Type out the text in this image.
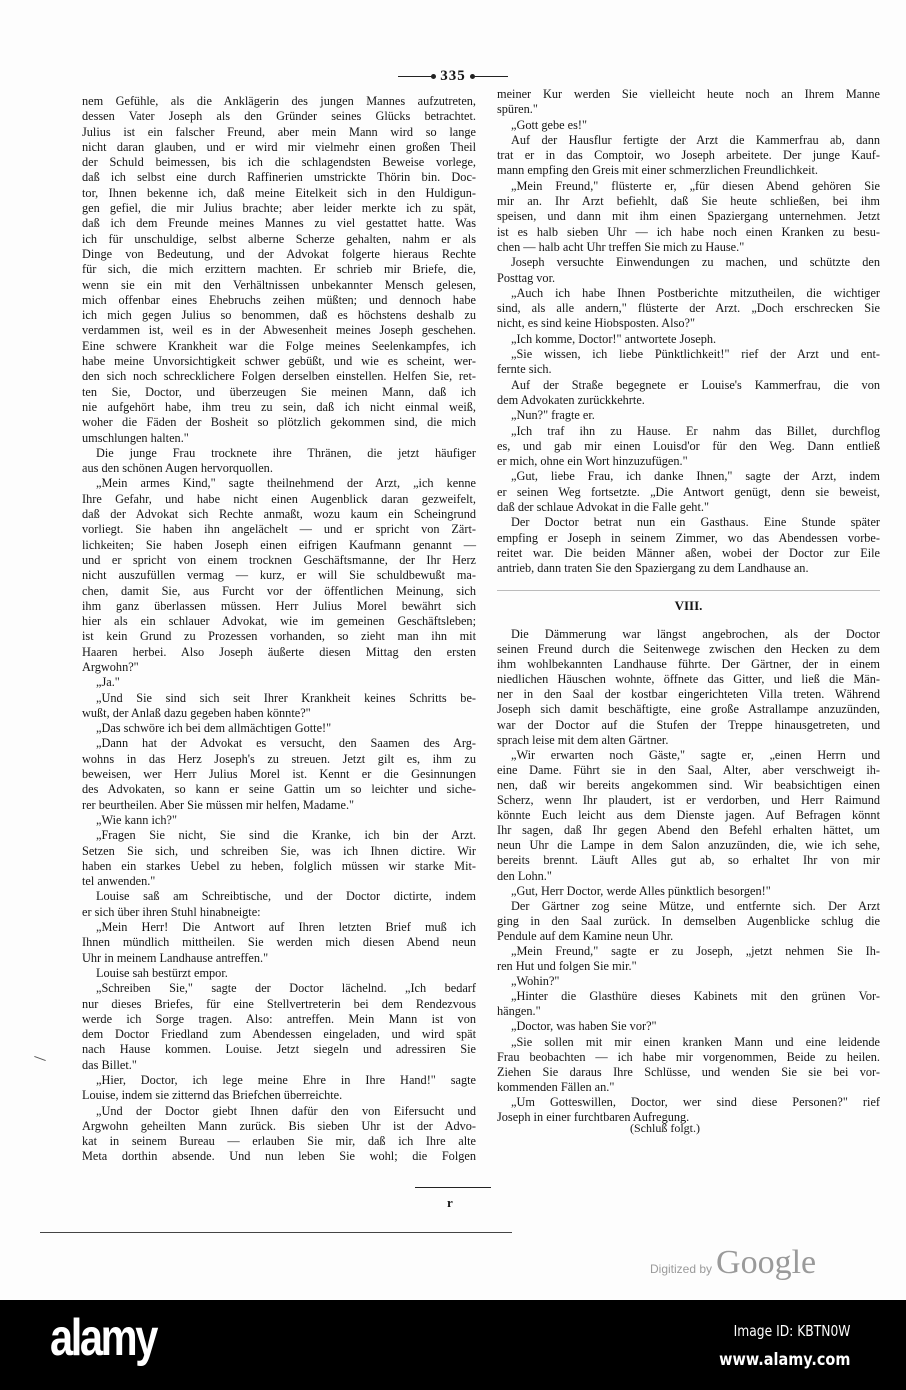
335
nem Gefühle, als die Anklägerin des jungen Mannes aufzutreten,
dessen Vater Joseph als den Gründer seines Glücks betrachtet.
Julius ist ein falscher Freund, aber mein Mann wird so lange
nicht daran glauben, und er wird mir vielmehr einen großen Theil
der Schuld beimessen, bis ich die schlagendsten Beweise vorlege,
daß ich selbst eine durch Raffinerien umstrickte Thörin bin. Doc-
tor, Ihnen bekenne ich, daß meine Eitelkeit sich in den Huldigun-
gen gefiel, die mir Julius brachte; aber leider merkte ich zu spät,
daß ich dem Freunde meines Mannes zu viel gestattet hatte. Was
ich für unschuldige, selbst alberne Scherze gehalten, nahm er als
Dinge von Bedeutung, und der Advokat folgerte hieraus Rechte
für sich, die mich erzittern machten. Er schrieb mir Briefe, die,
wenn sie ein mit den Verhältnissen unbekannter Mensch gelesen,
mich offenbar eines Ehebruchs zeihen müßten; und dennoch habe
ich mich gegen Julius so benommen, daß es höchstens deshalb zu
verdammen ist, weil es in der Abwesenheit meines Joseph geschehen.
Eine schwere Krankheit war die Folge meines Seelenkampfes, ich
habe meine Unvorsichtigkeit schwer gebüßt, und wie es scheint, wer-
den sich noch schrecklichere Folgen derselben einstellen. Helfen Sie, ret-
ten Sie, Doctor, und überzeugen Sie meinen Mann, daß ich
nie aufgehört habe, ihm treu zu sein, daß ich nicht einmal weiß,
woher die Fäden der Bosheit so plötzlich gekommen sind, die mich
umschlungen halten."
Die junge Frau trocknete ihre Thränen, die jetzt häufiger
aus den schönen Augen hervorquollen.
„Mein armes Kind," sagte theilnehmend der Arzt, „ich kenne
Ihre Gefahr, und habe nicht einen Augenblick daran gezweifelt,
daß der Advokat sich Rechte anmaßt, wozu kaum ein Scheingrund
vorliegt. Sie haben ihn angelächelt — und er spricht von Zärt-
lichkeiten; Sie haben Joseph einen eifrigen Kaufmann genannt —
und er spricht von einem trocknen Geschäftsmanne, der Ihr Herz
nicht auszufüllen vermag — kurz, er will Sie schuldbewußt ma-
chen, damit Sie, aus Furcht vor der öffentlichen Meinung, sich
ihm ganz überlassen müssen. Herr Julius Morel bewährt sich
hier als ein schlauer Advokat, wie im gemeinen Geschäftsleben;
ist kein Grund zu Prozessen vorhanden, so zieht man ihn mit
Haaren herbei. Also Joseph äußerte diesen Mittag den ersten
Argwohn?"
„Ja."
„Und Sie sind sich seit Ihrer Krankheit keines Schritts be-
wußt, der Anlaß dazu gegeben haben könnte?"
„Das schwöre ich bei dem allmächtigen Gotte!"
„Dann hat der Advokat es versucht, den Saamen des Arg-
wohns in das Herz Joseph's zu streuen. Jetzt gilt es, ihm zu
beweisen, wer Herr Julius Morel ist. Kennt er die Gesinnungen
des Advokaten, so kann er seine Gattin um so leichter und siche-
rer beurtheilen. Aber Sie müssen mir helfen, Madame."
„Wie kann ich?"
„Fragen Sie nicht, Sie sind die Kranke, ich bin der Arzt.
Setzen Sie sich, und schreiben Sie, was ich Ihnen dictire. Wir
haben ein starkes Uebel zu heben, folglich müssen wir starke Mit-
tel anwenden."
Louise saß am Schreibtische, und der Doctor dictirte, indem
er sich über ihren Stuhl hinabneigte:
„Mein Herr! Die Antwort auf Ihren letzten Brief muß ich
Ihnen mündlich mittheilen. Sie werden mich diesen Abend neun
Uhr in meinem Landhause antreffen."
Louise sah bestürzt empor.
„Schreiben Sie," sagte der Doctor lächelnd. „Ich bedarf
nur dieses Briefes, für eine Stellvertreterin bei dem Rendezvous
werde ich Sorge tragen. Also: antreffen. Mein Mann ist von
dem Doctor Friedland zum Abendessen eingeladen, und wird spät
nach Hause kommen. Louise. Jetzt siegeln und adressiren Sie
das Billet."
„Hier, Doctor, ich lege meine Ehre in Ihre Hand!" sagte
Louise, indem sie zitternd das Briefchen überreichte.
„Und der Doctor giebt Ihnen dafür den von Eifersucht und
Argwohn geheilten Mann zurück. Bis sieben Uhr ist der Advo-
kat in seinem Bureau — erlauben Sie mir, daß ich Ihre alte
Meta dorthin absende. Und nun leben Sie wohl; die Folgen
meiner Kur werden Sie vielleicht heute noch an Ihrem Manne
spüren."
„Gott gebe es!"
Auf der Hausflur fertigte der Arzt die Kammerfrau ab, dann
trat er in das Comptoir, wo Joseph arbeitete. Der junge Kauf-
mann empfing den Greis mit einer schmerzlichen Freundlichkeit.
„Mein Freund," flüsterte er, „für diesen Abend gehören Sie
mir an. Ihr Arzt befiehlt, daß Sie heute schließen, bei ihm
speisen, und dann mit ihm einen Spaziergang unternehmen. Jetzt
ist es halb sieben Uhr — ich habe noch einen Kranken zu besu-
chen — halb acht Uhr treffen Sie mich zu Hause."
Joseph versuchte Einwendungen zu machen, und schützte den
Posttag vor.
„Auch ich habe Ihnen Postberichte mitzutheilen, die wichtiger
sind, als alle andern," flüsterte der Arzt. „Doch erschrecken Sie
nicht, es sind keine Hiobsposten. Also?"
„Ich komme, Doctor!" antwortete Joseph.
„Sie wissen, ich liebe Pünktlichkeit!" rief der Arzt und ent-
fernte sich.
Auf der Straße begegnete er Louise's Kammerfrau, die von
dem Advokaten zurückkehrte.
„Nun?" fragte er.
„Ich traf ihn zu Hause. Er nahm das Billet, durchflog
es, und gab mir einen Louisd'or für den Weg. Dann entließ
er mich, ohne ein Wort hinzuzufügen."
„Gut, liebe Frau, ich danke Ihnen," sagte der Arzt, indem
er seinen Weg fortsetzte. „Die Antwort genügt, denn sie beweist,
daß der schlaue Advokat in die Falle geht."
Der Doctor betrat nun ein Gasthaus. Eine Stunde später
empfing er Joseph in seinem Zimmer, wo das Abendessen vorbe-
reitet war. Die beiden Männer aßen, wobei der Doctor zur Eile
antrieb, dann traten Sie den Spaziergang zu dem Landhause an.
VIII.
Die Dämmerung war längst angebrochen, als der Doctor
seinen Freund durch die Seitenwege zwischen den Hecken zu dem
ihm wohlbekannten Landhause führte. Der Gärtner, der in einem
niedlichen Häuschen wohnte, öffnete das Gitter, und ließ die Män-
ner in den Saal der kostbar eingerichteten Villa treten. Während
Joseph sich damit beschäftigte, eine große Astrallampe anzuzünden,
war der Doctor auf die Stufen der Treppe hinausgetreten, und
sprach leise mit dem alten Gärtner.
„Wir erwarten noch Gäste," sagte er, „einen Herrn und
eine Dame. Führt sie in den Saal, Alter, aber verschweigt ih-
nen, daß wir bereits angekommen sind. Wir beabsichtigen einen
Scherz, wenn Ihr plaudert, ist er verdorben, und Herr Raimund
könnte Euch leicht aus dem Dienste jagen. Auf Befragen könnt
Ihr sagen, daß Ihr gegen Abend den Befehl erhalten hättet, um
neun Uhr die Lampe in dem Salon anzuzünden, die, wie ich sehe,
bereits brennt. Läuft Alles gut ab, so erhaltet Ihr von mir
den Lohn."
„Gut, Herr Doctor, werde Alles pünktlich besorgen!"
Der Gärtner zog seine Mütze, und entfernte sich. Der Arzt
ging in den Saal zurück. In demselben Augenblicke schlug die
Pendule auf dem Kamine neun Uhr.
„Mein Freund," sagte er zu Joseph, „jetzt nehmen Sie Ih-
ren Hut und folgen Sie mir."
„Wohin?"
„Hinter die Glasthüre dieses Kabinets mit den grünen Vor-
hängen."
„Doctor, was haben Sie vor?"
„Sie sollen mit mir einen kranken Mann und eine leidende
Frau beobachten — ich habe mir vorgenommen, Beide zu heilen.
Ziehen Sie daraus Ihre Schlüsse, und wenden Sie sie bei vor-
kommenden Fällen an."
„Um Gotteswillen, Doctor, wer sind diese Personen?" rief
Joseph in einer furchtbaren Aufregung.
(Schluß folgt.)
r
Digitized by Google
alamy	Image ID: KBTN0W
www.alamy.com
